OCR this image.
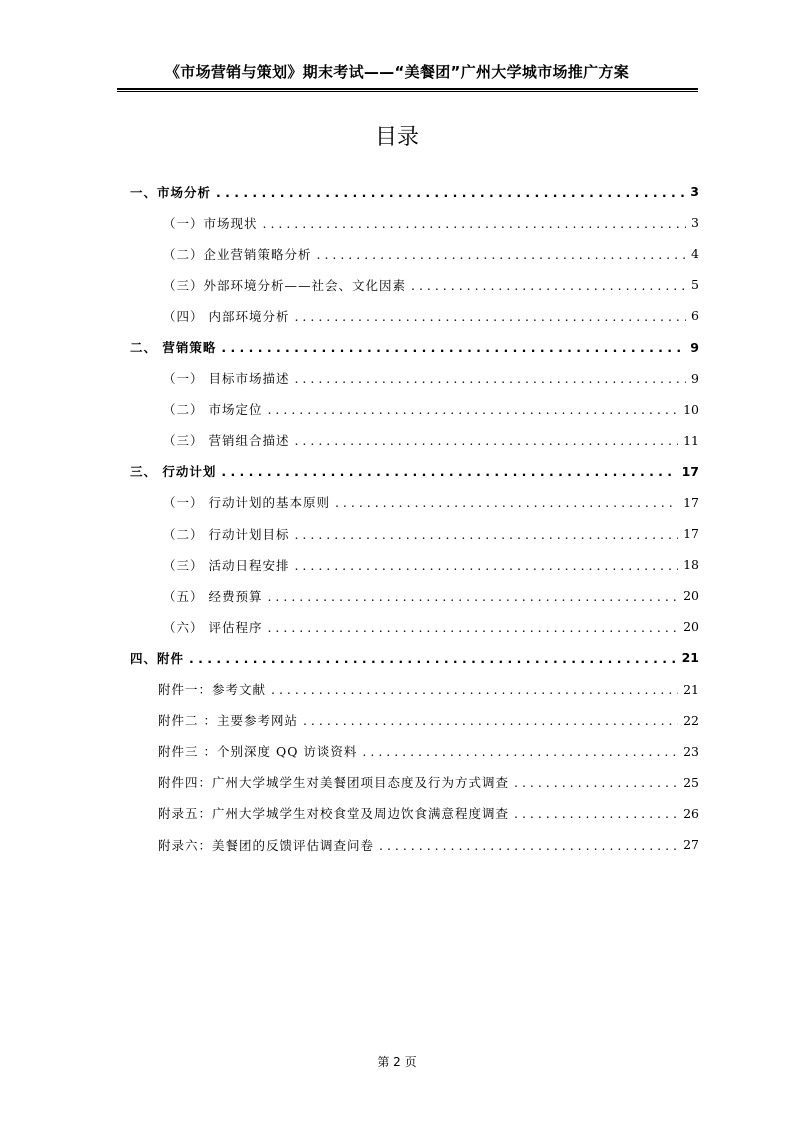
《市场营销与策划》期末考试——“美餐团”广州大学城市场推广方案
目录
一、市场分析 . . .	3
（一）市场现状 . . .	3
（二）企业营销策略分析 . . .	4
（三）外部环境分析——社会、文化因素 . . .	5
（四） 内部环境分析 . . .	6
二、 营销策略 . . .	9
（一） 目标市场描述 . . .	9
（二） 市场定位 . . .	10
（三） 营销组合描述 . . .	11
三、 行动计划 . . .	17
（一） 行动计划的基本原则 . . .	17
（二） 行动计划目标 . . .	17
（三） 活动日程安排 . . .	18
（五） 经费预算 . . .	20
（六） 评估程序 . . .	20
四、附件 . . .	21
附件一：参考文献 . . .	21
附件二 ：主要参考网站 . . .	22
附件三 ：个别深度 QQ 访谈资料 . . .	23
附件四：广州大学城学生对美餐团项目态度及行为方式调查 . . .	25
附录五：广州大学城学生对校食堂及周边饮食满意程度调查 . . .	26
附录六：美餐团的反馈评估调查问卷 . . .	27
第 2 页
